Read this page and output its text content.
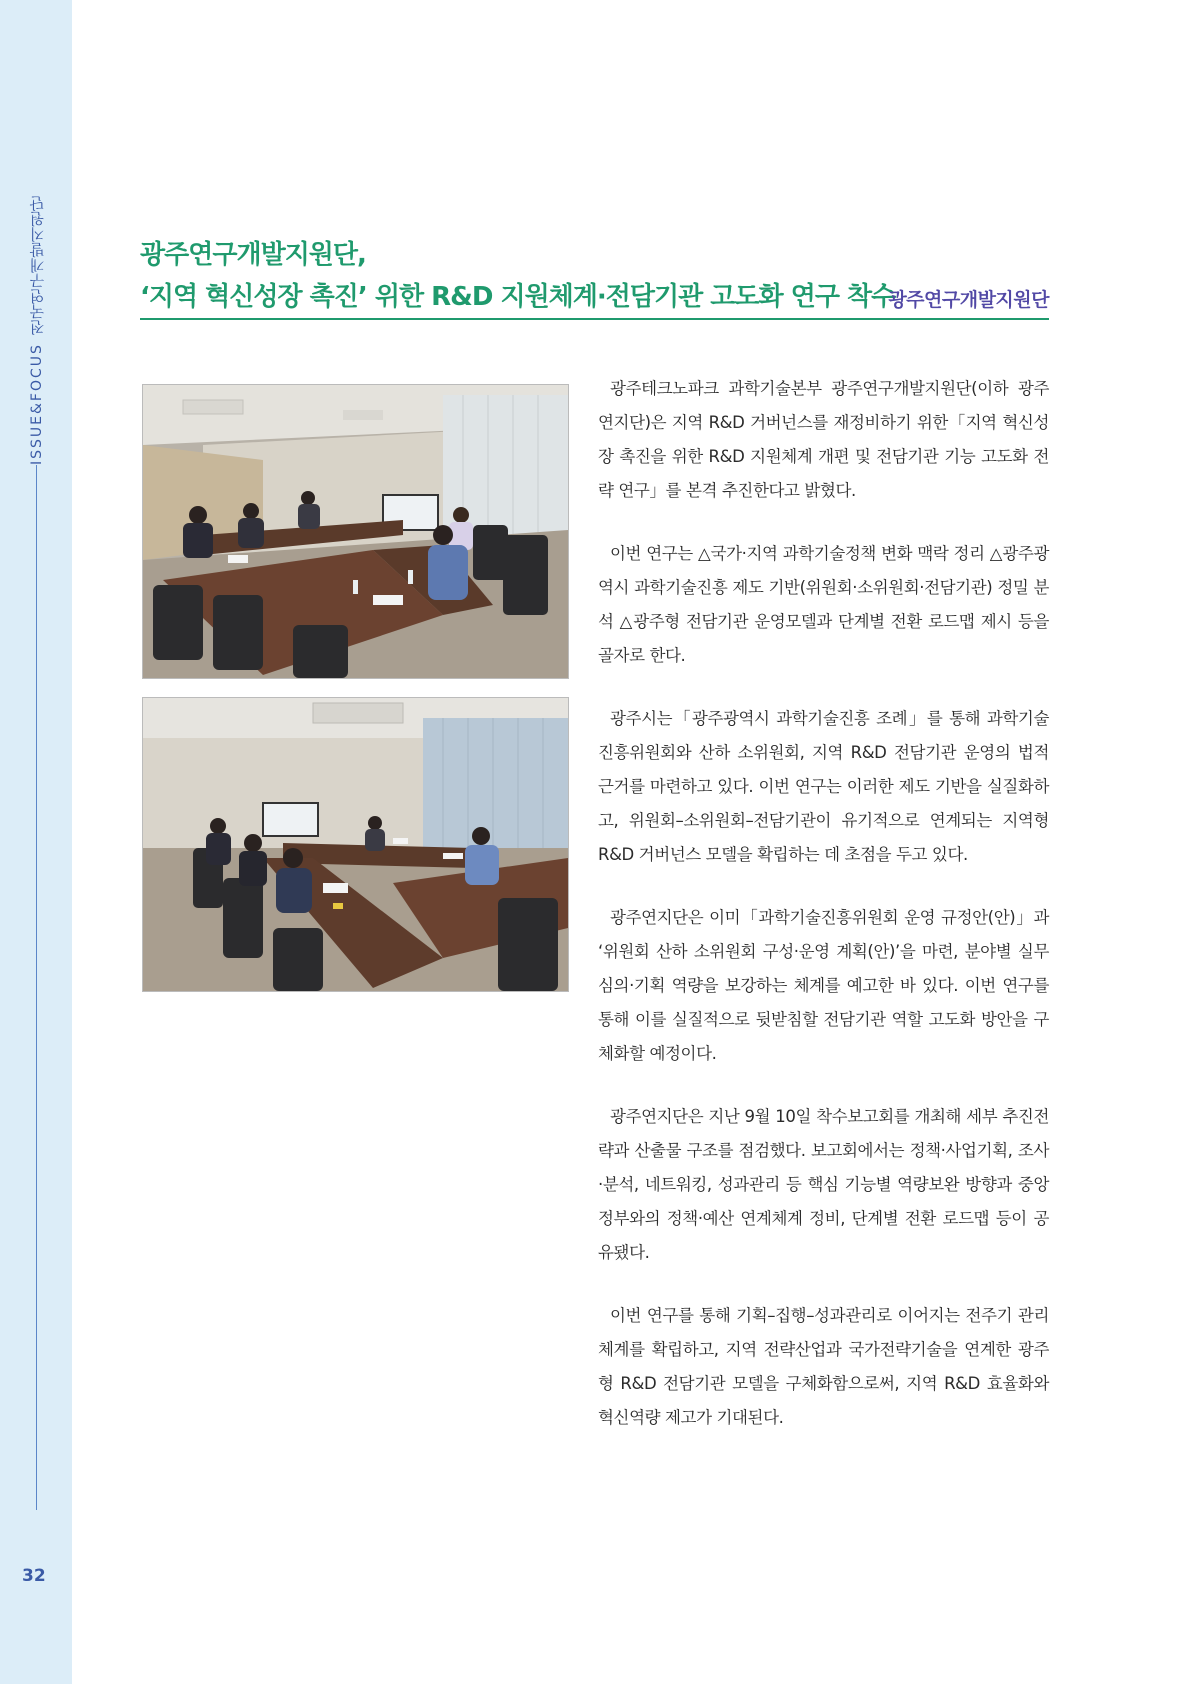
ISSUE&FOCUS
전국연구개발지원단
32
광주연구개발지원단,
‘지역 혁신성장 촉진’ 위한 R&D 지원체계·전담기관 고도화 연구 착수
광주연구개발지원단

광주테크노파크 과학기술본부 광주연구개발지원단(이하 광주연지단)은 지역 R&D 거버넌스를 재정비하기 위한「지역 혁신성장 촉진을 위한 R&D 지원체계 개편 및 전담기관 기능 고도화 전략 연구」를 본격 추진한다고 밝혔다.

이번 연구는 △국가·지역 과학기술정책 변화 맥락 정리 △광주광역시 과학기술진흥 제도 기반(위원회·소위원회·전담기관) 정밀 분석 △광주형 전담기관 운영모델과 단계별 전환 로드맵 제시 등을 골자로 한다.

광주시는「광주광역시 과학기술진흥 조례」를 통해 과학기술진흥위원회와 산하 소위원회, 지역 R&D 전담기관 운영의 법적 근거를 마련하고 있다. 이번 연구는 이러한 제도 기반을 실질화하고, 위원회–소위원회–전담기관이 유기적으로 연계되는 지역형 R&D 거버넌스 모델을 확립하는 데 초점을 두고 있다.

광주연지단은 이미「과학기술진흥위원회 운영 규정안(안)」과 ‘위원회 산하 소위원회 구성·운영 계획(안)’을 마련, 분야별 실무 심의·기획 역량을 보강하는 체계를 예고한 바 있다. 이번 연구를 통해 이를 실질적으로 뒷받침할 전담기관 역할 고도화 방안을 구체화할 예정이다.

광주연지단은 지난 9월 10일 착수보고회를 개최해 세부 추진전략과 산출물 구조를 점검했다. 보고회에서는 정책·사업기획, 조사·분석, 네트워킹, 성과관리 등 핵심 기능별 역량보완 방향과 중앙정부와의 정책·예산 연계체계 정비, 단계별 전환 로드맵 등이 공유됐다.

이번 연구를 통해 기획–집행–성과관리로 이어지는 전주기 관리체계를 확립하고, 지역 전략산업과 국가전략기술을 연계한 광주형 R&D 전담기관 모델을 구체화함으로써, 지역 R&D 효율화와 혁신역량 제고가 기대된다.
